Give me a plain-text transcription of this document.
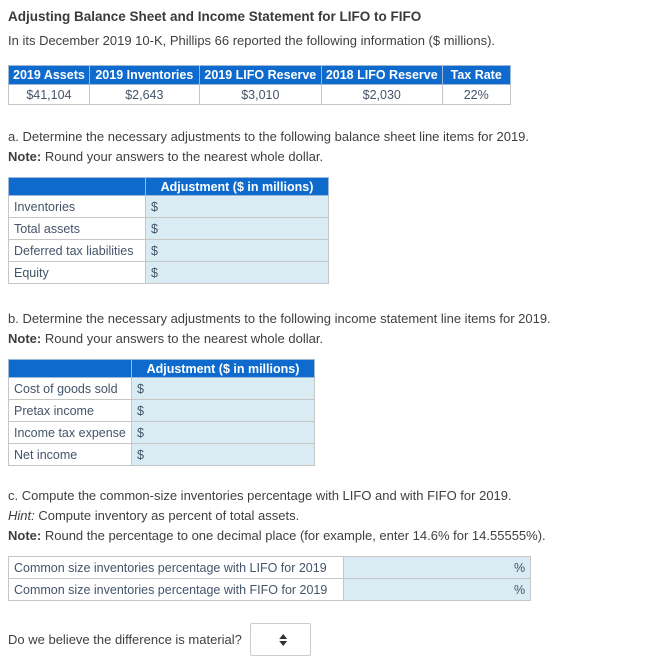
Adjusting Balance Sheet and Income Statement for LIFO to FIFO

In its December 2019 10-K, Phillips 66 reported the following information ($ millions).

2019 Assets	2019 Inventories	2019 LIFO Reserve	2018 LIFO Reserve	Tax Rate
$41,104	$2,643	$3,010	$2,030	22%

a. Determine the necessary adjustments to the following balance sheet line items for 2019.

Note: Round your answers to the nearest whole dollar.

	Adjustment ($ in millions)
Inventories	$

Total assets	$

Deferred tax liabilities	$

Equity	$

b. Determine the necessary adjustments to the following income statement line items for 2019.

Note: Round your answers to the nearest whole dollar.

	Adjustment ($ in millions)
Cost of goods sold	$

Pretax income	$

Income tax expense	$

Net income	$

c. Compute the common-size inventories percentage with LIFO and with FIFO for 2019.

Hint: Compute inventory as percent of total assets.

Note: Round the percentage to one decimal place (for example, enter 14.6% for 14.55555%).

Common size inventories percentage with LIFO for 2019	%

Common size inventories percentage with FIFO for 2019	%
Do we believe the difference is material?
